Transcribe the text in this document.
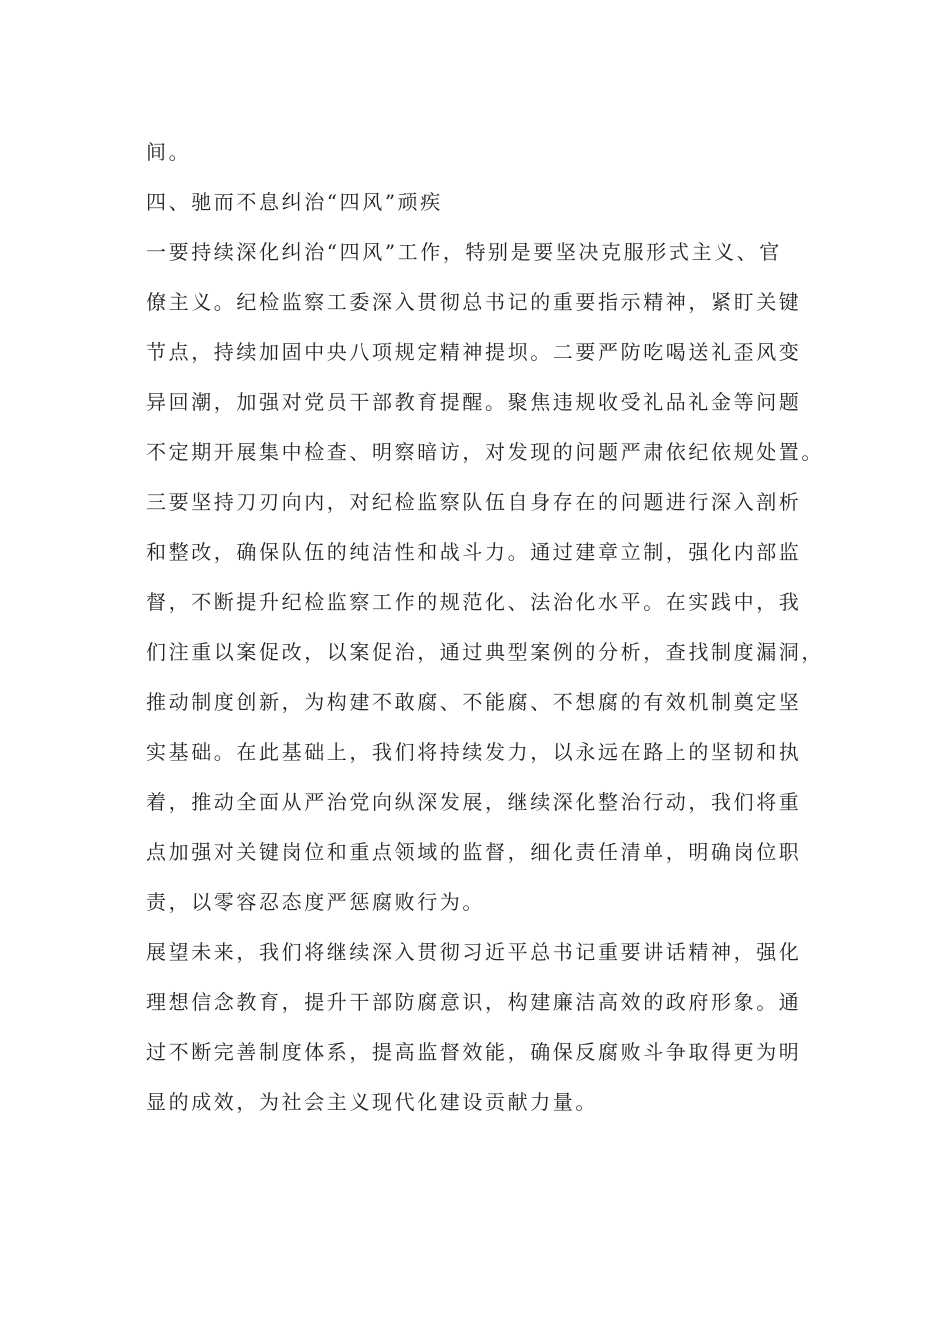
间。

四、驰而不息纠治“四风”顽疾

一要持续深化纠治“四风”工作，特别是要坚决克服形式主义、官

僚主义。纪检监察工委深入贯彻总书记的重要指示精神，紧盯关键

节点，持续加固中央八项规定精神提坝。二要严防吃喝送礼歪风变

异回潮，加强对党员干部教育提醒。聚焦违规收受礼品礼金等问题

不定期开展集中检查、明察暗访，对发现的问题严肃依纪依规处置。

三要坚持刀刃向内，对纪检监察队伍自身存在的问题进行深入剖析

和整改，确保队伍的纯洁性和战斗力。通过建章立制，强化内部监

督，不断提升纪检监察工作的规范化、法治化水平。在实践中，我

们注重以案促改，以案促治，通过典型案例的分析，查找制度漏洞，

推动制度创新，为构建不敢腐、不能腐、不想腐的有效机制奠定坚

实基础。在此基础上，我们将持续发力，以永远在路上的坚韧和执

着，推动全面从严治党向纵深发展，继续深化整治行动，我们将重

点加强对关键岗位和重点领域的监督，细化责任清单，明确岗位职

责，以零容忍态度严惩腐败行为。

展望未来，我们将继续深入贯彻习近平总书记重要讲话精神，强化

理想信念教育，提升干部防腐意识，构建廉洁高效的政府形象。通

过不断完善制度体系，提高监督效能，确保反腐败斗争取得更为明

显的成效，为社会主义现代化建设贡献力量。
